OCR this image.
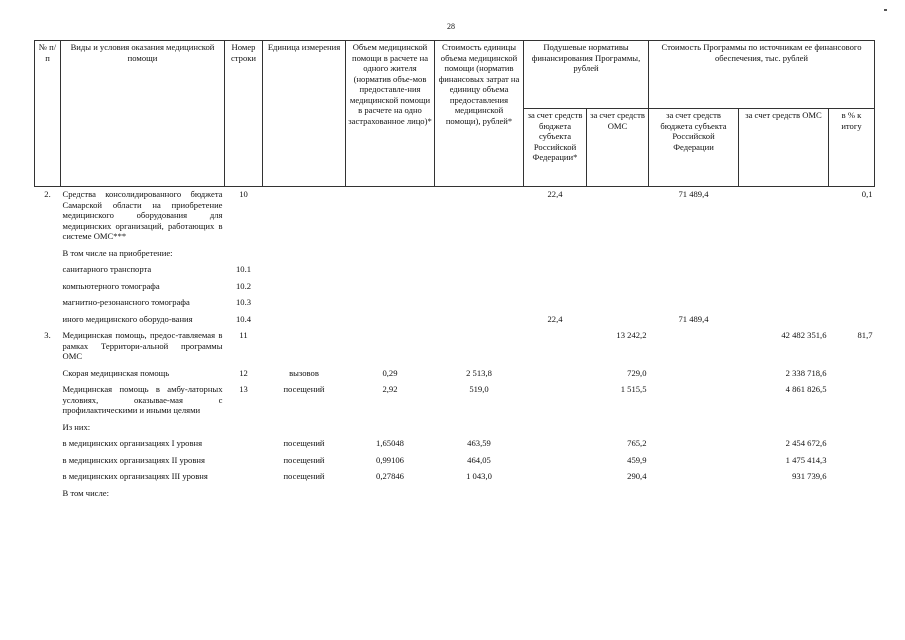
28
№ п/п	Виды и условия оказания медицинской помощи	Номер строки	Единица измерения	Объем медицинской помощи в расчете на одного жителя (норматив объе-мов предоставле-ния медицинской помощи в расчете на одно застрахованное лицо)*	Стоимость единицы объема медицинской помощи (норматив финансовых затрат на единицу объема предоставления медицинской помощи), рублей*	Подушевые нормативы финансирования Программы, рублей		Стоимость Программы по источникам ее финансового обеспечения, тыс. рублей		
						за счет средств бюджета субъекта Российской Федерации*	за счет средств ОМС	за счет средств бюджета субъекта Российской Федерации	за счет средств ОМС	в % к итогу
2.	Средства консолидированного бюджета Самарской области на приобретение медицинского оборудования для медицинских организаций, работающих в системе ОМС***	10				22,4		71 489,4		0,1
	В том числе на приобретение:									
	санитарного транспорта	10.1								
	компьютерного томографа	10.2								
	магнитно-резонансного томографа	10.3								
	иного медицинского оборудо-вания	10.4				22,4		71 489,4		
3.	Медицинская помощь, предос-тавляемая в рамках Территори-альной программы ОМС	11					13 242,2		42 482 351,6	81,7
	Скорая медицинская помощь	12	вызовов	0,29	2 513,8		729,0		2 338 718,6	
	Медицинская помощь в амбу-латорных условиях, оказывае-мая с профилактическими и иными целями	13	посещений	2,92	519,0		1 515,5		4 861 826,5	
	Из них:									
	в медицинских организациях I уровня		посещений	1,65048	463,59		765,2		2 454 672,6	
	в медицинских организациях II уровня		посещений	0,99106	464,05		459,9		1 475 414,3	
	в медицинских организациях III уровня		посещений	0,27846	1 043,0		290,4		931 739,6	
	В том числе:									
